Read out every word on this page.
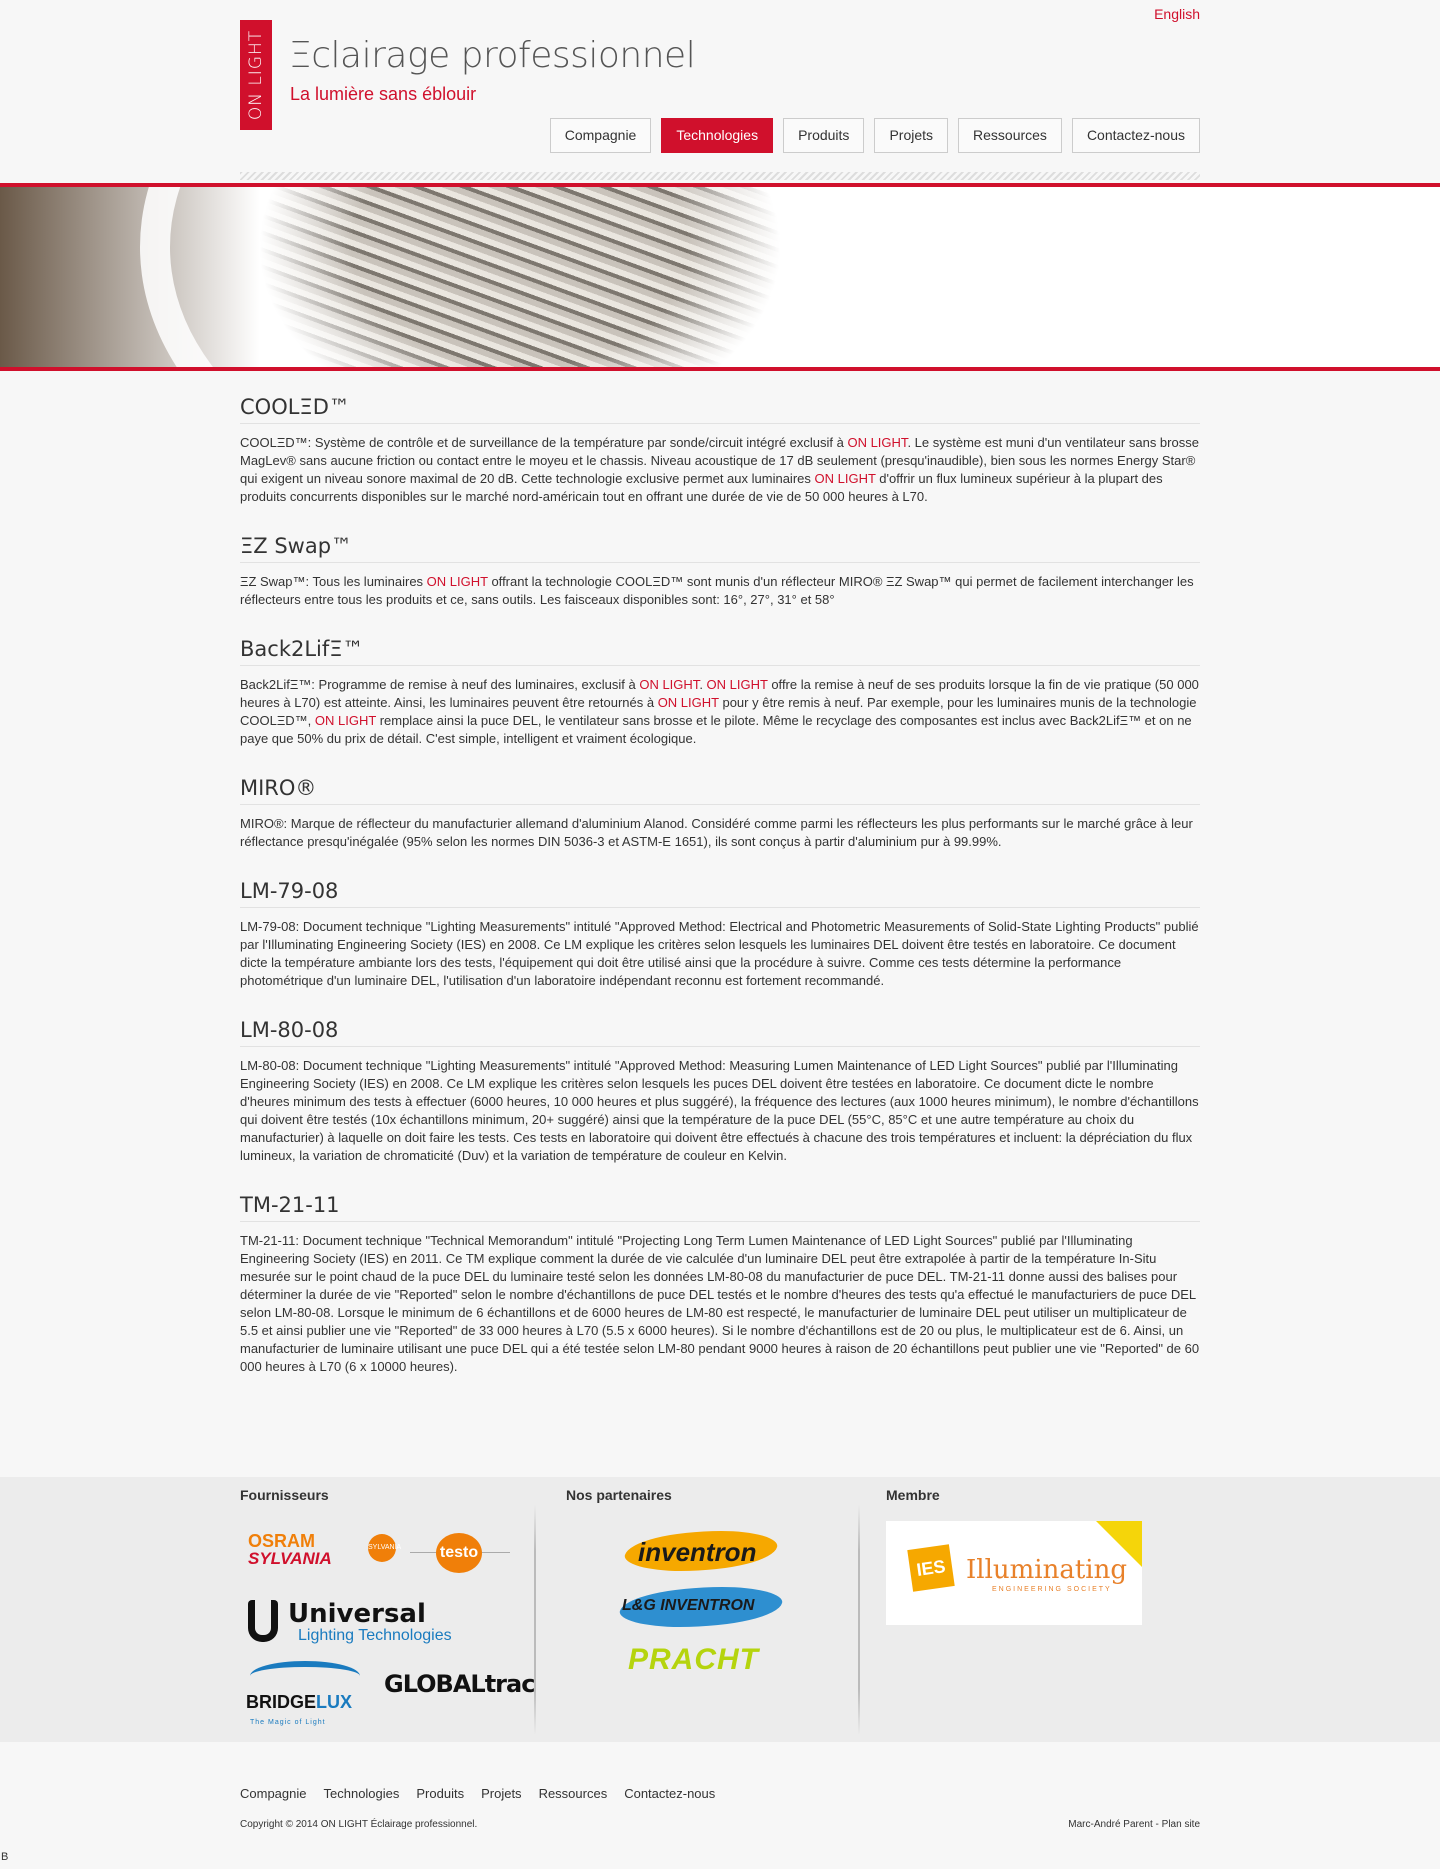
English
ON LIGHT Ξclairage professionnel
La lumière sans éblouir
Compagnie	Technologies	Produits	Projets	Ressources	Contactez-nous
COOLΞD™

COOLΞD™: Système de contrôle et de surveillance de la température par sonde/circuit intégré exclusif à ON LIGHT. Le système est muni d'un ventilateur sans brosse MagLev® sans aucune friction ou contact entre le moyeu et le chassis. Niveau acoustique de 17 dB seulement (presqu'inaudible), bien sous les normes Energy Star® qui exigent un niveau sonore maximal de 20 dB. Cette technologie exclusive permet aux luminaires ON LIGHT d'offrir un flux lumineux supérieur à la plupart des produits concurrents disponibles sur le marché nord-américain tout en offrant une durée de vie de 50 000 heures à L70.

ΞZ Swap™

ΞZ Swap™: Tous les luminaires ON LIGHT offrant la technologie COOLΞD™ sont munis d'un réflecteur MIRO® ΞZ Swap™ qui permet de facilement interchanger les réflecteurs entre tous les produits et ce, sans outils. Les faisceaux disponibles sont: 16°, 27°, 31° et 58°

Back2LifΞ™

Back2LifΞ™: Programme de remise à neuf des luminaires, exclusif à ON LIGHT. ON LIGHT offre la remise à neuf de ses produits lorsque la fin de vie pratique (50 000 heures à L70) est atteinte. Ainsi, les luminaires peuvent être retournés à ON LIGHT pour y être remis à neuf. Par exemple, pour les luminaires munis de la technologie COOLΞD™, ON LIGHT remplace ainsi la puce DEL, le ventilateur sans brosse et le pilote. Même le recyclage des composantes est inclus avec Back2LifΞ™ et on ne paye que 50% du prix de détail. C'est simple, intelligent et vraiment écologique.

MIRO®

MIRO®: Marque de réflecteur du manufacturier allemand d'aluminium Alanod. Considéré comme parmi les réflecteurs les plus performants sur le marché grâce à leur réflectance presqu'inégalée (95% selon les normes DIN 5036-3 et ASTM-E 1651), ils sont conçus à partir d'aluminium pur à 99.99%.

LM-79-08

LM-79-08: Document technique "Lighting Measurements" intitulé "Approved Method: Electrical and Photometric Measurements of Solid-State Lighting Products" publié par l'Illuminating Engineering Society (IES) en 2008. Ce LM explique les critères selon lesquels les luminaires DEL doivent être testés en laboratoire. Ce document dicte la température ambiante lors des tests, l'équipement qui doit être utilisé ainsi que la procédure à suivre. Comme ces tests détermine la performance photométrique d'un luminaire DEL, l'utilisation d'un laboratoire indépendant reconnu est fortement recommandé.

LM-80-08

LM-80-08: Document technique "Lighting Measurements" intitulé "Approved Method: Measuring Lumen Maintenance of LED Light Sources" publié par l'Illuminating Engineering Society (IES) en 2008. Ce LM explique les critères selon lesquels les puces DEL doivent être testées en laboratoire. Ce document dicte le nombre d'heures minimum des tests à effectuer (6000 heures, 10 000 heures et plus suggéré), la fréquence des lectures (aux 1000 heures minimum), le nombre d'échantillons qui doivent être testés (10x échantillons minimum, 20+ suggéré) ainsi que la température de la puce DEL (55°C, 85°C et une autre température au choix du manufacturier) à laquelle on doit faire les tests. Ces tests en laboratoire qui doivent être effectués à chacune des trois températures et incluent: la dépréciation du flux lumineux, la variation de chromaticité (Duv) et la variation de température de couleur en Kelvin.

TM-21-11

TM-21-11: Document technique "Technical Memorandum" intitulé "Projecting Long Term Lumen Maintenance of LED Light Sources" publié par l'Illuminating Engineering Society (IES) en 2011. Ce TM explique comment la durée de vie calculée d'un luminaire DEL peut être extrapolée à partir de la température In-Situ mesurée sur le point chaud de la puce DEL du luminaire testé selon les données LM-80-08 du manufacturier de puce DEL. TM-21-11 donne aussi des balises pour déterminer la durée de vie "Reported" selon le nombre d'échantillons de puce DEL testés et le nombre d'heures des tests qu'a effectué le manufacturiers de puce DEL selon LM-80-08. Lorsque le minimum de 6 échantillons et de 6000 heures de LM-80 est respecté, le manufacturier de luminaire DEL peut utiliser un multiplicateur de 5.5 et ainsi publier une vie "Reported" de 33 000 heures à L70 (5.5 x 6000 heures). Si le nombre d'échantillons est de 20 ou plus, le multiplicateur est de 6. Ainsi, un manufacturier de luminaire utilisant une puce DEL qui a été testée selon LM-80 pendant 9000 heures à raison de 20 échantillons peut publier une vie "Reported" de 60 000 heures à L70 (6 x 10000 heures).

Fournisseurs
OSRAM
SYLVANIA
SYLVANIA testo
Universal
Lighting Technologies
BRIDGELUX
The Magic of Light
GLOBALtrac
Nos partenaires
inventron
L&G INVENTRON
PRACHT
Membre
IES Illuminating
ENGINEERING SOCIETY
Compagnie Technologies Produits Projets Ressources Contactez-nous
Copyright © 2014 ON LIGHT Éclairage professionnel.	Marc-André Parent - Plan site
B
